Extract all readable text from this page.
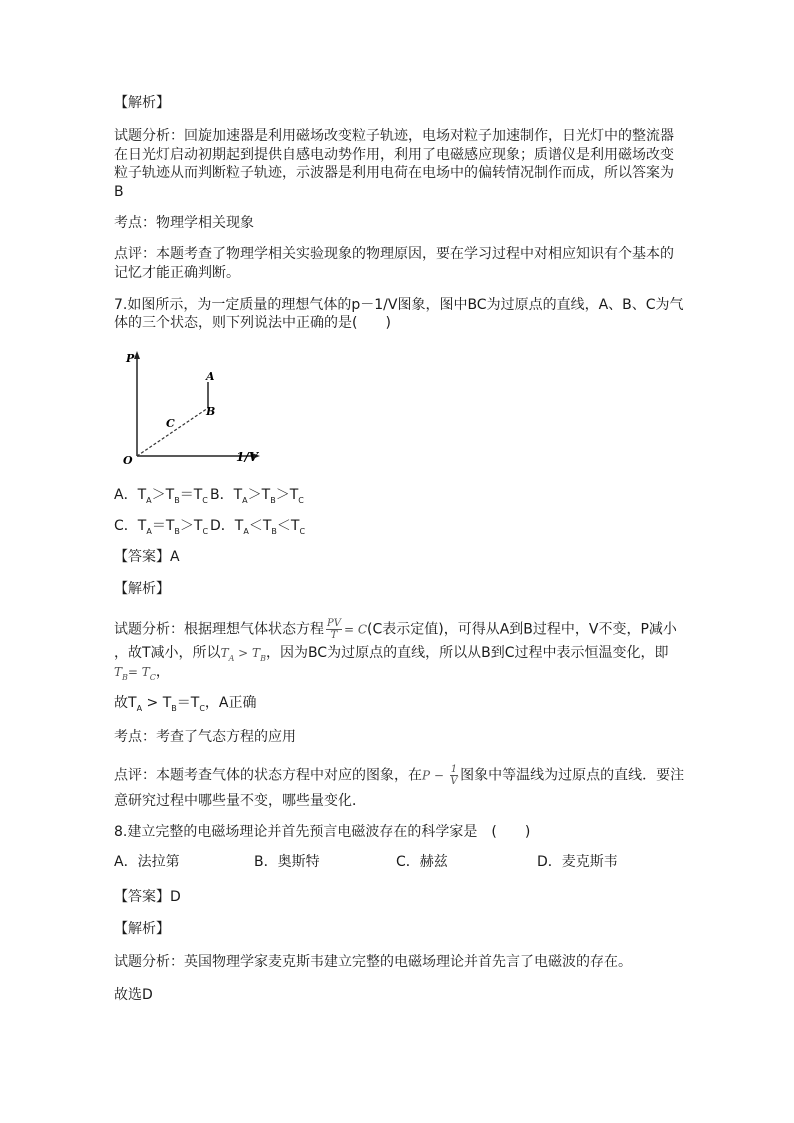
【解析】
试题分析：回旋加速器是利用磁场改变粒子轨迹，电场对粒子加速制作，日光灯中的整流器
在日光灯启动初期起到提供自感电动势作用，利用了电磁感应现象；质谱仪是利用磁场改变
粒子轨迹从而判断粒子轨迹，示波器是利用电荷在电场中的偏转情况制作而成，所以答案为
B
考点：物理学相关现象
点评：本题考查了物理学相关实验现象的物理原因，要在学习过程中对相应知识有个基本的
记忆才能正确判断。
7.如图所示，为一定质量的理想气体的p－1/V图象，图中BC为过原点的直线，A、B、C为气
体的三个状态，则下列说法中正确的是(　　)
P
1/V
O
A
B
C
A．$T_A>T_B=T_C$ B．$T_A>T_B>T_C$
C．$T_A=T_B>T_C$ D．$T_A<T_B<T_C$
【答案】A
【解析】
试题分析：根据理想气体状态方程 $\frac{PV}{T} = C(C$表示定值)，可得从A到B过程中，V不变，P减小
，故T减小，所以$T_A > T_B$，因为BC为过原点的直线，所以从B到C过程中表示恒温变化，即
$T_B= T_C$，
故$T_A > T_B=T_C$，A正确
考点：考查了气态方程的应用
点评：本题考查气体的状态方程中对应的图象，在$P - \frac{1}{V}$ 图象中等温线为过原点的直线．要注
意研究过程中哪些量不变，哪些量变化．
8.建立完整的电磁场理论并首先预言电磁波存在的科学家是　(　　)
A．法拉第	B．奥斯特	C．赫兹	D．麦克斯韦
【答案】D
【解析】
试题分析：英国物理学家麦克斯韦建立完整的电磁场理论并首先言了电磁波的存在。
故选D
